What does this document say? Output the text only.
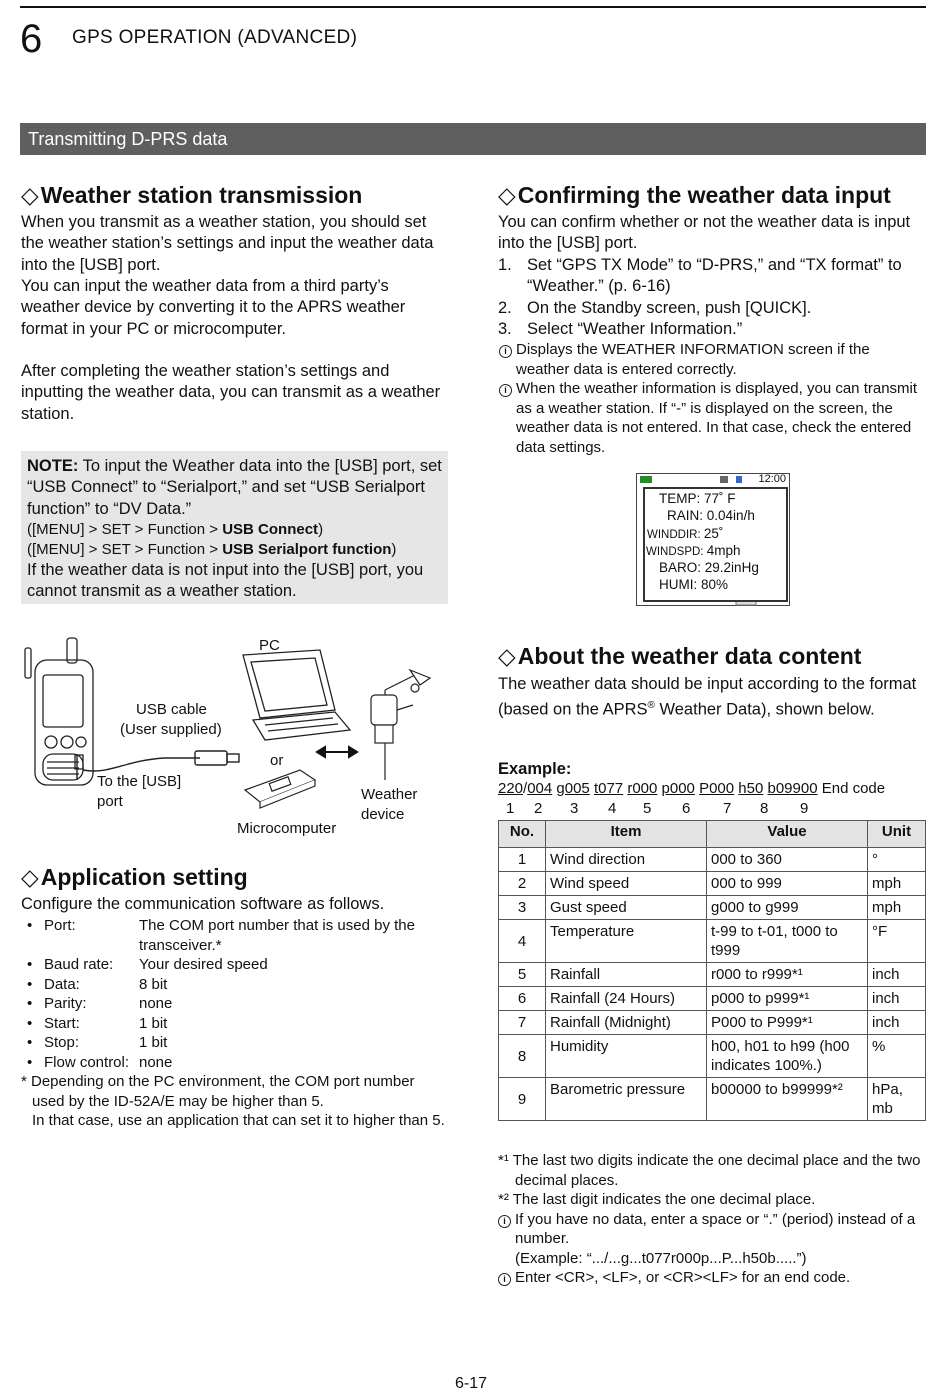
6 GPS OPERATION (ADVANCED)
Transmitting D-PRS data
◇Weather station transmission

When you transmit as a weather station, you should set the weather station’s settings and input the weather data into the [USB] port.

You can input the weather data from a third party’s weather device by converting it to the APRS weather format in your PC or microcomputer.

After completing the weather station’s settings and inputting the weather data, you can transmit as a weather station.

NOTE: To input the Weather data into the [USB] port, set “USB Connect” to “Serialport,” and set “USB Serialport function” to “DV Data.”
([MENU] > SET > Function > USB Connect)
([MENU] > SET > Function > USB Serialport function)
If the weather data is not input into the [USB] port, you cannot transmit as a weather station.
PC
USB cable
(User supplied)
or
To the [USB]
port	Weather
device
Microcomputer
◇Application setting
Configure the communication software as follows.
• Port:	The COM port number that is used by the transceiver.*
• Baud rate:	Your desired speed
• Data:	8 bit
• Parity:	none
• Start:	1 bit
• Stop:	1 bit
• Flow control: none
* Depending on the PC environment, the COM port number used by the ID-52A/E may be higher than 5.
In that case, use an application that can set it to higher than 5.
◇Confirming the weather data input

You can confirm whether or not the weather data is input into the [USB] port.

1. Set “GPS TX Mode” to “D-PRS,” and “TX format” to “Weather.” (p. 6-16)
2. On the Standby screen, push [QUICK].
3. Select “Weather Information.”
i Displays the WEATHER INFORMATION screen if the weather data is entered correctly.
i When the weather information is displayed, you can transmit as a weather station. If “-” is displayed on the screen, the weather data is not entered. In that case, check the entered data settings.
12:00
TEMP: 77˚ F
RAIN: 0.04in/h
WINDDIR: 25˚
WINDSPD: 4mph
BARO: 29.2inHg
HUMI: 80%
◇About the weather data content

The weather data should be input according to the format (based on the APRS® Weather Data), shown below.

Example:
220/004 g005 t077 r000 p000 P000 h50 b09900 End code
1 2 3 4 5 6 7 8 9
No.	Item	Value	Unit
1	Wind direction	000 to 360	°
2	Wind speed	000 to 999	mph
3	Gust speed	g000 to g999	mph
4	Temperature	t-99 to t-01, t000 to t999	°F
5	Rainfall	r000 to r999*¹	inch
6	Rainfall (24 Hours)	p000 to p999*¹	inch
7	Rainfall (Midnight)	P000 to P999*¹	inch
8	Humidity	h00, h01 to h99 (h00 indicates 100%.)	%
9	Barometric pressure	b00000 to b99999*²	hPa, mb
*¹ The last two digits indicate the one decimal place and the two decimal places.
*² The last digit indicates the one decimal place.
i If you have no data, enter a space or “.” (period) instead of a number.
(Example: “.../...g...t077r000p...P...h50b.....”)
i Enter <CR>, <LF>, or <CR><LF> for an end code.
6-17
